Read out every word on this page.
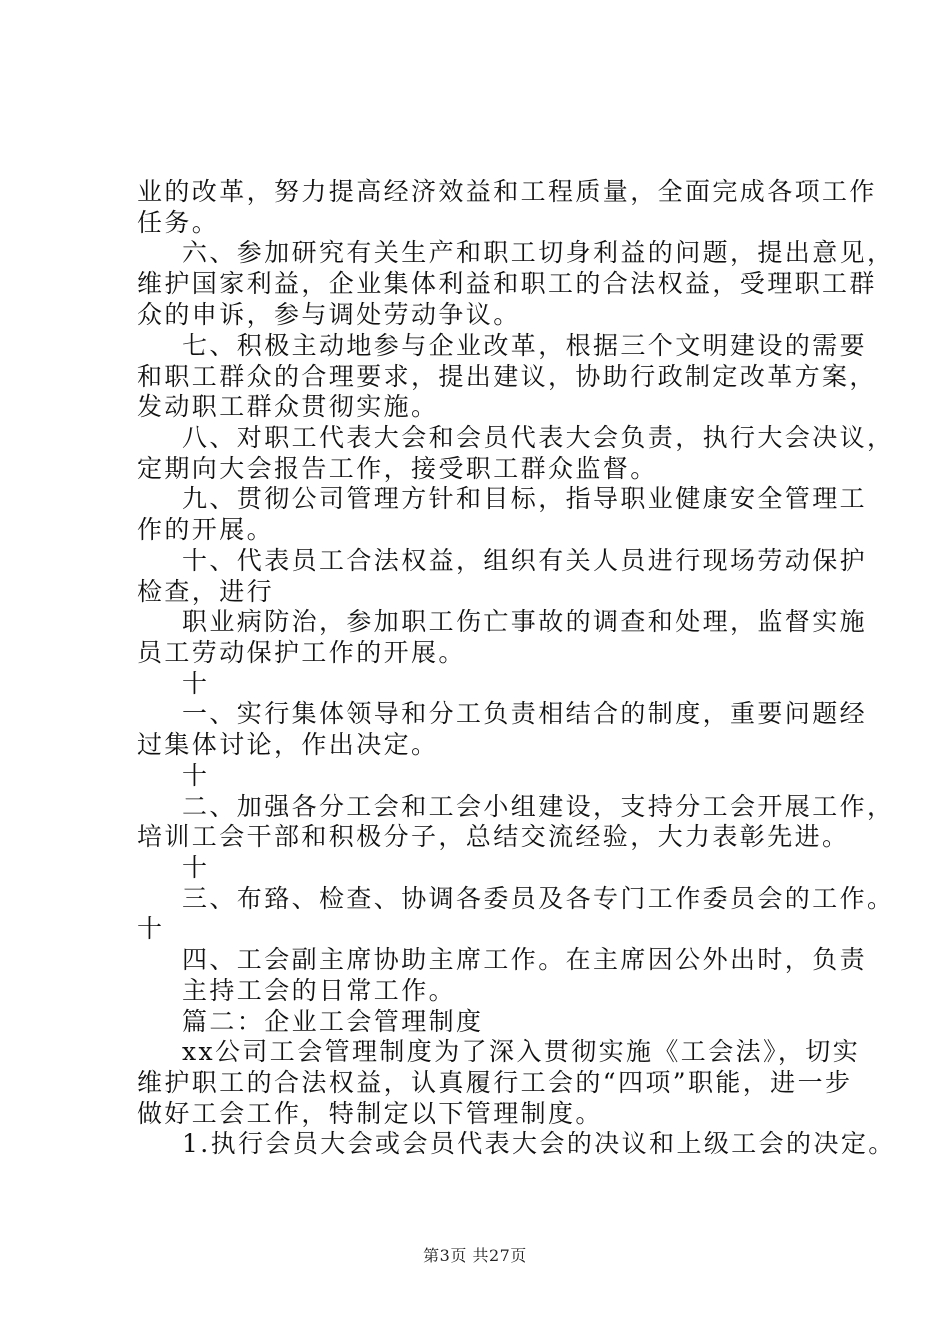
业的改革，努力提高经济效益和工程质量，全面完成各项工作
任务。
六、参加研究有关生产和职工切身利益的问题，提出意见，
维护国家利益，企业集体利益和职工的合法权益，受理职工群
众的申诉，参与调处劳动争议。
七、积极主动地参与企业改革，根据三个文明建设的需要
和职工群众的合理要求，提出建议，协助行政制定改革方案，
发动职工群众贯彻实施。
八、对职工代表大会和会员代表大会负责，执行大会决议，
定期向大会报告工作，接受职工群众监督。
九、贯彻公司管理方针和目标，指导职业健康安全管理工
作的开展。
十、代表员工合法权益，组织有关人员进行现场劳动保护
检查，进行
职业病防治，参加职工伤亡事故的调查和处理，监督实施
员工劳动保护工作的开展。
十
一、实行集体领导和分工负责相结合的制度，重要问题经
过集体讨论，作出决定。
十
二、加强各分工会和工会小组建设，支持分工会开展工作，
培训工会干部和积极分子，总结交流经验，大力表彰先进。
十
三、布臵、检查、协调各委员及各专门工作委员会的工作。
十
四、工会副主席协助主席工作。在主席因公外出时，负责
主持工会的日常工作。
篇二：企业工会管理制度
xx公司工会管理制度为了深入贯彻实施《工会法》，切实
维护职工的合法权益，认真履行工会的“四项”职能，进一步
做好工会工作，特制定以下管理制度。
1.执行会员大会或会员代表大会的决议和上级工会的决定。
第3页 共27页
